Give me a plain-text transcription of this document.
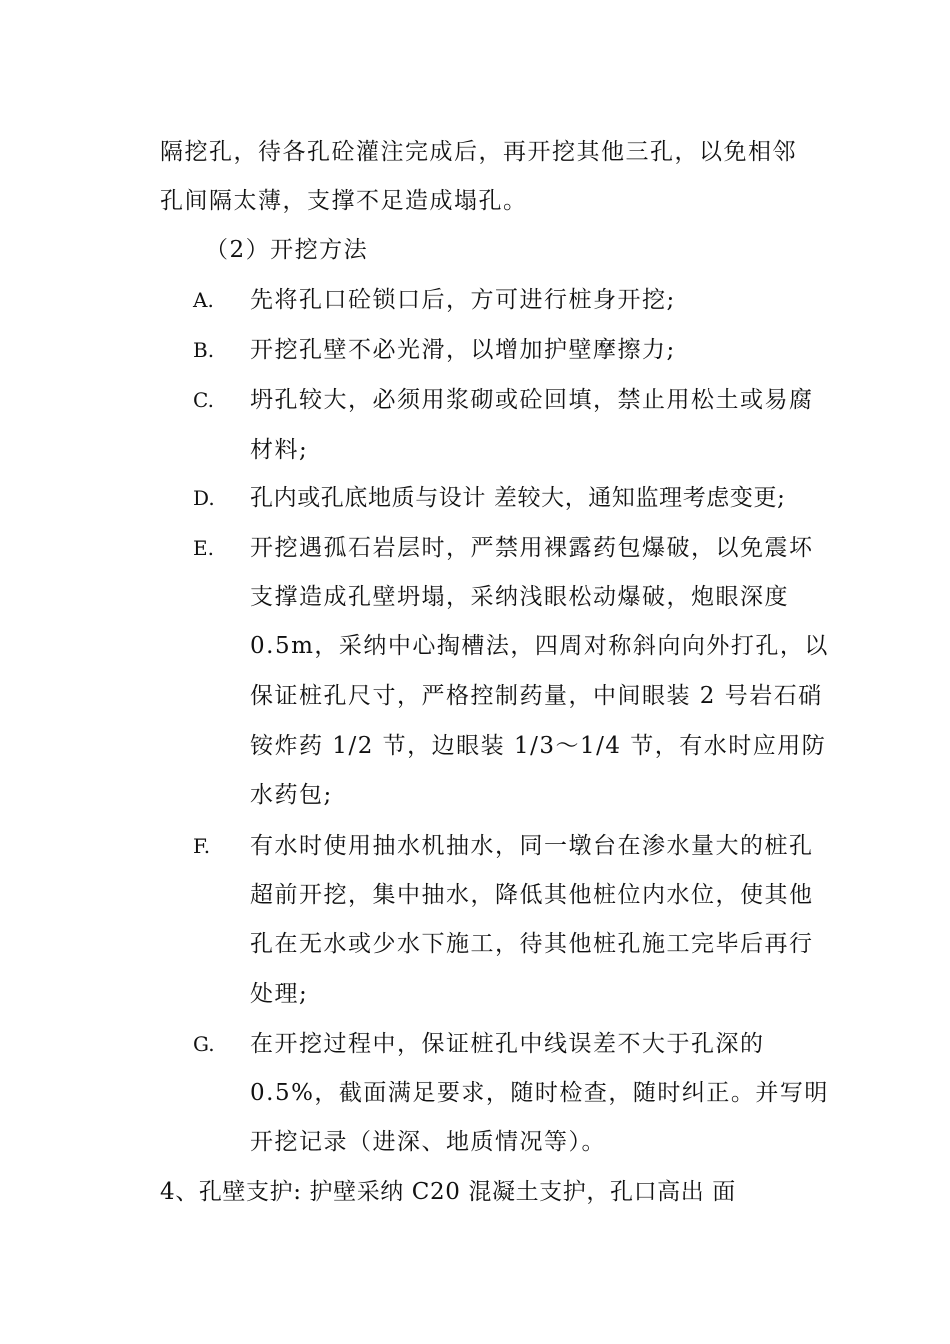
隔挖孔，待各孔砼灌注完成后，再开挖其他三孔，以免相邻
孔间隔太薄，支撑不足造成塌孔。
（2）开挖方法
A. 先将孔口砼锁口后，方可进行桩身开挖;
B. 开挖孔壁不必光滑，以增加护壁摩擦力;
C. 坍孔较大，必须用浆砌或砼回填，禁止用松土或易腐
材料;
D. 孔内或孔底地质与设计 差较大，通知监理考虑变更;
E. 开挖遇孤石岩层时，严禁用裸露药包爆破，以免震坏
支撑造成孔壁坍塌，采纳浅眼松动爆破，炮眼深度
0.5m，采纳中心掏槽法，四周对称斜向向外打孔，以
保证桩孔尺寸，严格控制药量，中间眼装 2 号岩石硝
铵炸药 1/2 节，边眼装 1/3～1/4 节，有水时应用防
水药包;
F. 有水时使用抽水机抽水，同一墩台在渗水量大的桩孔
超前开挖，集中抽水，降低其他桩位内水位，使其他
孔在无水或少水下施工，待其他桩孔施工完毕后再行
处理;
G. 在开挖过程中，保证桩孔中线误差不大于孔深的
0.5%，截面满足要求，随时检查，随时纠正。并写明
开挖记录（进深、地质情况等）。
4、孔壁支护: 护壁采纳 C20 混凝土支护，孔口高出 面
